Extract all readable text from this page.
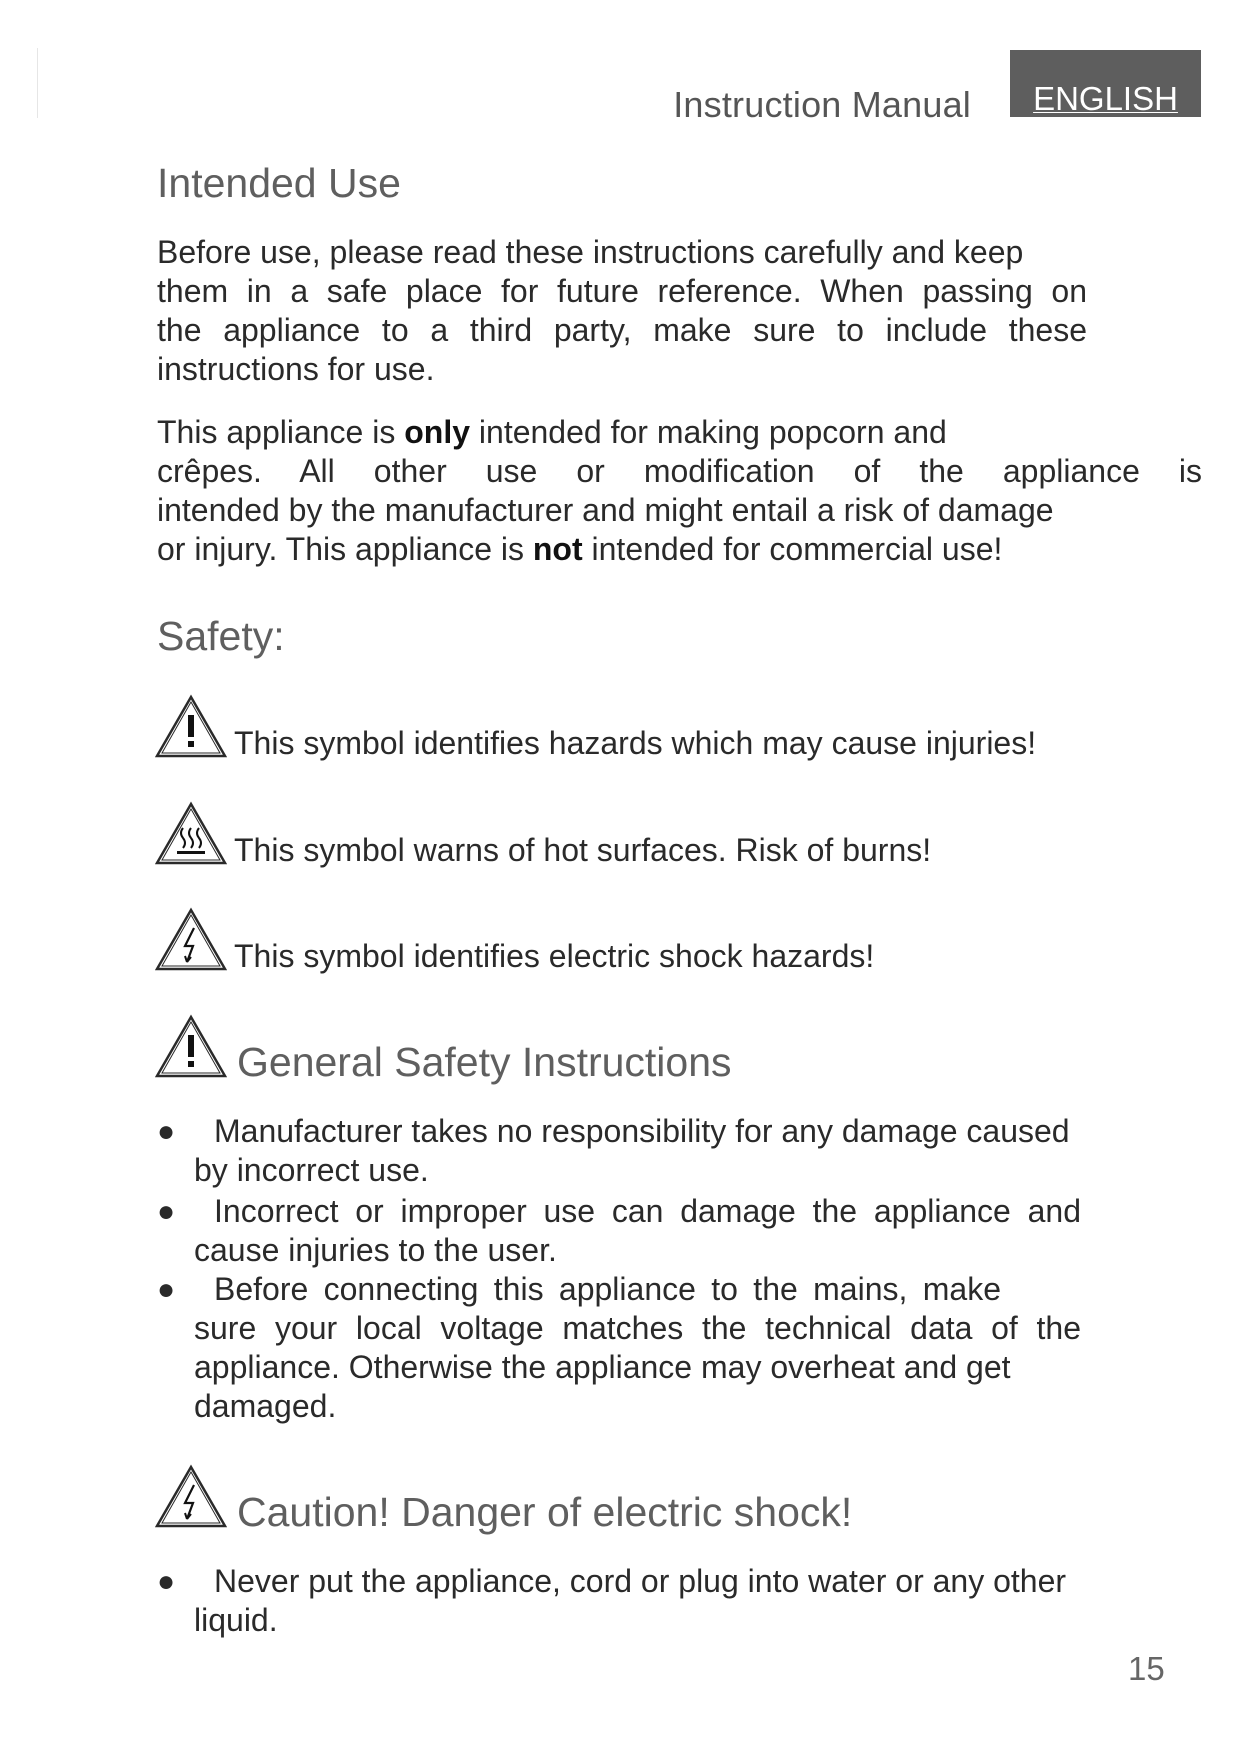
Instruction Manual ENGLISH
Intended Use
Before use, please read these instructions carefully and keep
them in a safe place for future reference. When passing on
the appliance to a third party, make sure to include these
instructions for use.
This appliance is only intended for making popcorn and
crêpes. All other use or modification of the appliance is
intended by the manufacturer and might entail a risk of damage
or injury. This appliance is not intended for commercial use!
Safety:
This symbol identifies hazards which may cause injuries!
This symbol warns of hot surfaces. Risk of burns!
This symbol identifies electric shock hazards!
General Safety Instructions
●	Manufacturer takes no responsibility for any damage caused
by incorrect use.
●	Incorrect or improper use can damage the appliance and
cause injuries to the user.
●	Before connecting this appliance to the mains, make
sure your local voltage matches the technical data of the
appliance. Otherwise the appliance may overheat and get
damaged.
Caution! Danger of electric shock!
●	Never put the appliance, cord or plug into water or any other
liquid.
15
